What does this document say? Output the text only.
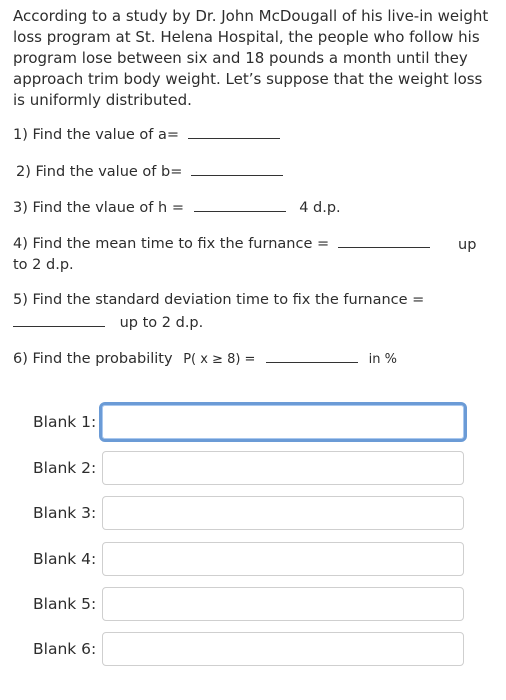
According to a study by Dr. John McDougall of his live-in weight loss program at St. Helena Hospital, the people who follow his program lose between six and 18 pounds a month until they approach trim body weight. Let’s suppose that the weight loss is uniformly distributed.
1) Find the value of a=
2) Find the value of b=
3) Find the vlaue of h =	4 d.p.
4) Find the mean time to fix the furnance =	up
to 2 d.p.
5) Find the standard deviation time to fix the furnance =
up to 2 d.p.
6) Find the probability P( x ≥ 8) =	in %
Blank 1:
Blank 2:
Blank 3:
Blank 4:
Blank 5:
Blank 6:
